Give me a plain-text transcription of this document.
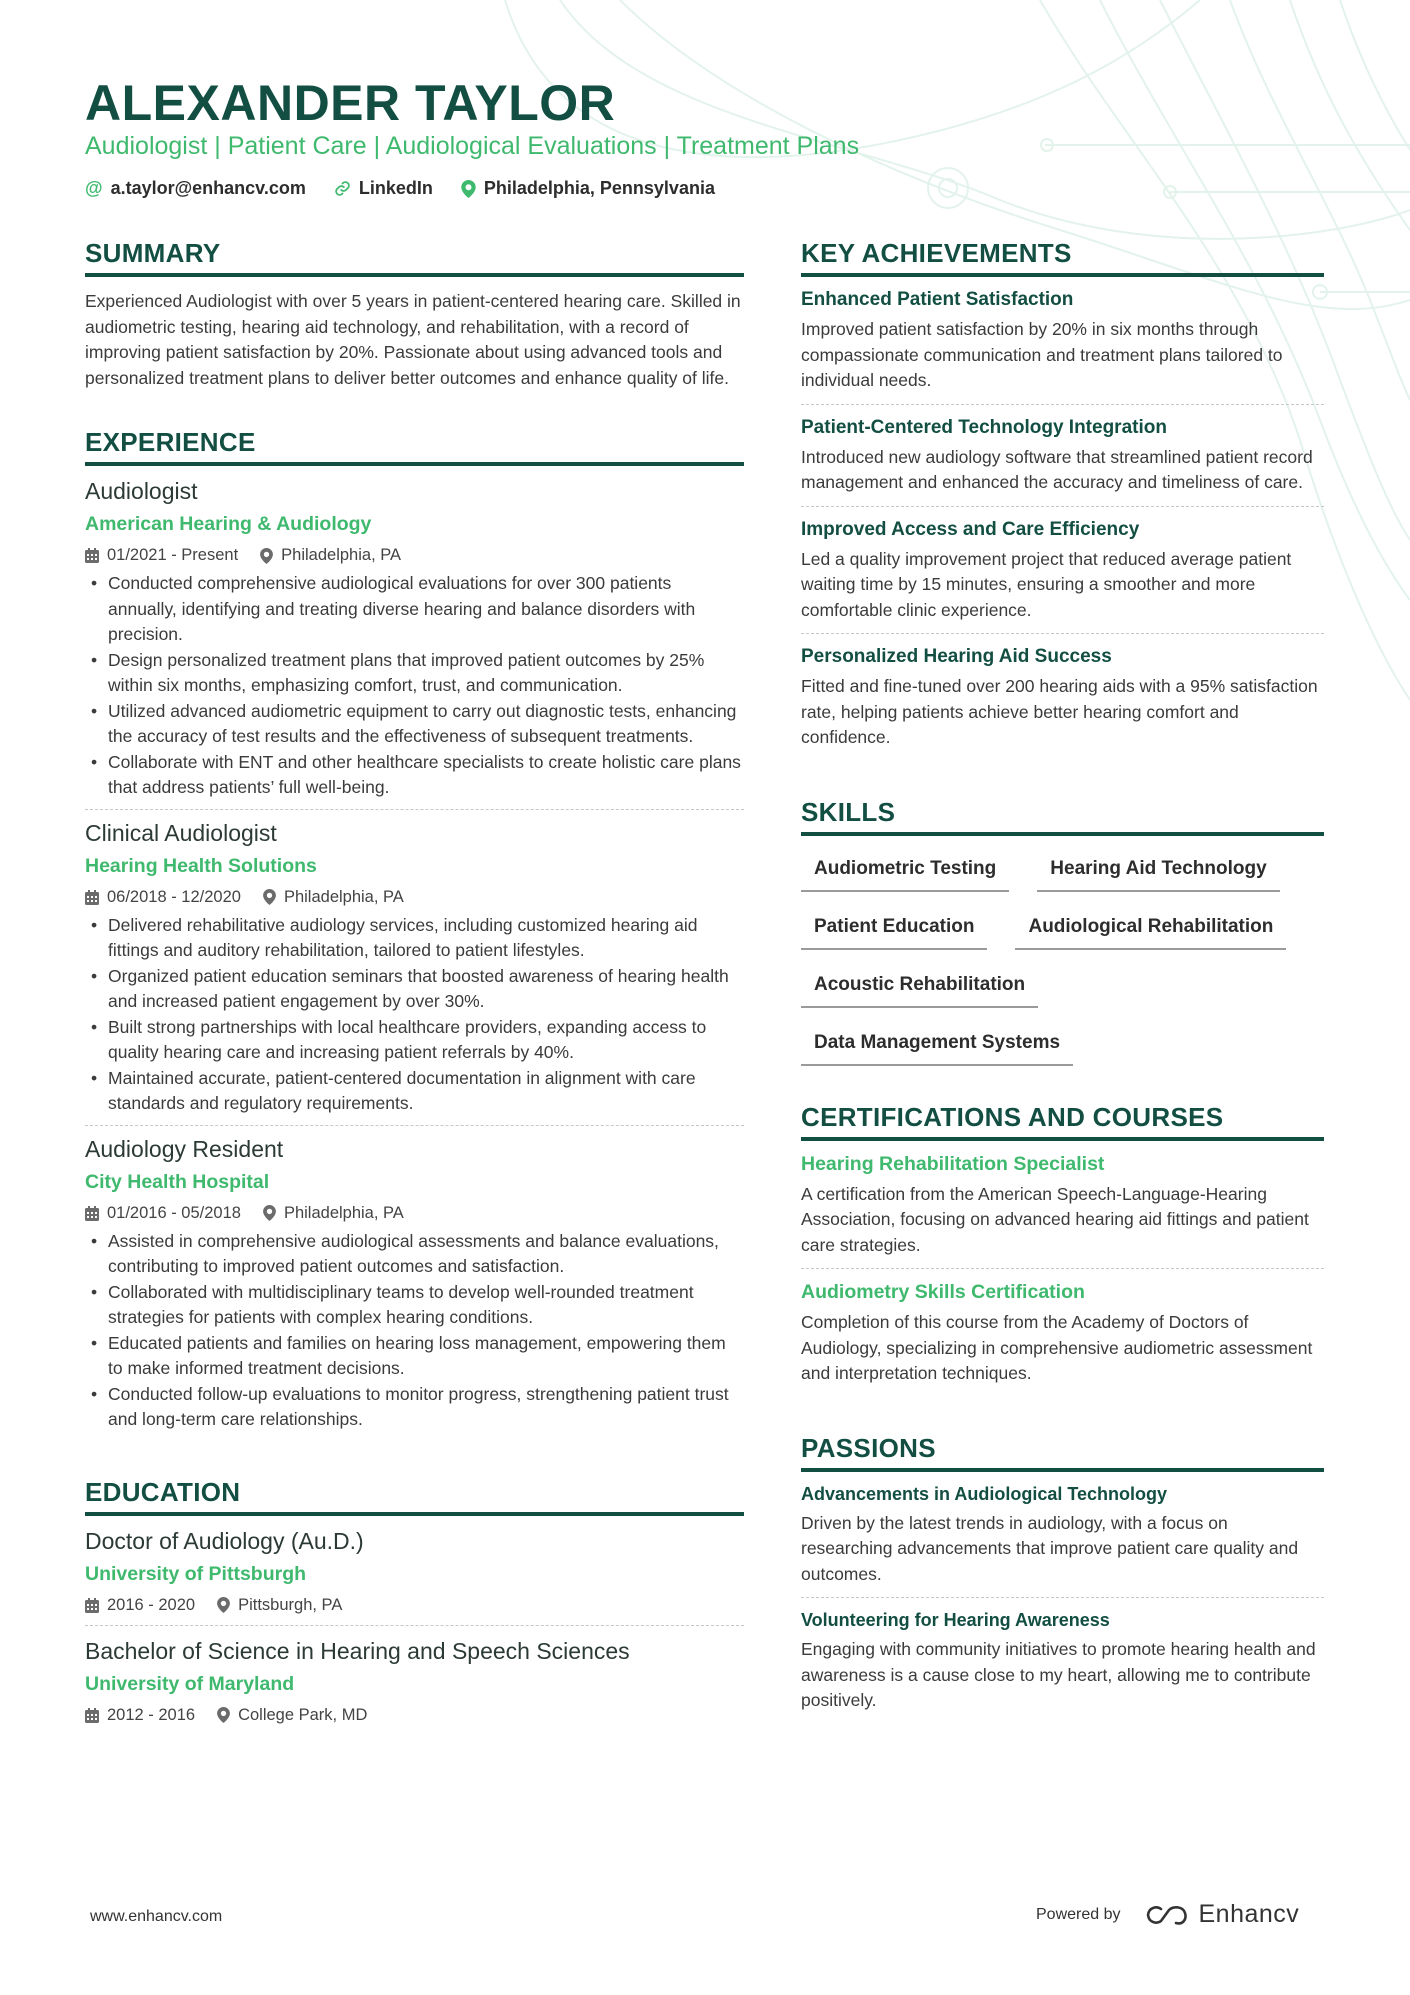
ALEXANDER TAYLOR
Audiologist | Patient Care | Audiological Evaluations | Treatment Plans
@ a.taylor@enhancv.com	LinkedIn	Philadelphia, Pennsylvania
SUMMARY

Experienced Audiologist with over 5 years in patient-centered hearing care. Skilled in audiometric testing, hearing aid technology, and rehabilitation, with a record of improving patient satisfaction by 20%. Passionate about using advanced tools and personalized treatment plans to deliver better outcomes and enhance quality of life.

EXPERIENCE
Audiologist
American Hearing & Audiology
01/2021 - Present	Philadelphia, PA
• Conducted comprehensive audiological evaluations for over 300 patients annually, identifying and treating diverse hearing and balance disorders with precision.
• Design personalized treatment plans that improved patient outcomes by 25% within six months, emphasizing comfort, trust, and communication.
• Utilized advanced audiometric equipment to carry out diagnostic tests, enhancing the accuracy of test results and the effectiveness of subsequent treatments.
• Collaborate with ENT and other healthcare specialists to create holistic care plans that address patients’ full well-being.
Clinical Audiologist
Hearing Health Solutions
06/2018 - 12/2020	Philadelphia, PA
• Delivered rehabilitative audiology services, including customized hearing aid fittings and auditory rehabilitation, tailored to patient lifestyles.
• Organized patient education seminars that boosted awareness of hearing health and increased patient engagement by over 30%.
• Built strong partnerships with local healthcare providers, expanding access to quality hearing care and increasing patient referrals by 40%.
• Maintained accurate, patient-centered documentation in alignment with care standards and regulatory requirements.
Audiology Resident
City Health Hospital
01/2016 - 05/2018	Philadelphia, PA
• Assisted in comprehensive audiological assessments and balance evaluations, contributing to improved patient outcomes and satisfaction.
• Collaborated with multidisciplinary teams to develop well-rounded treatment strategies for patients with complex hearing conditions.
• Educated patients and families on hearing loss management, empowering them to make informed treatment decisions.
• Conducted follow-up evaluations to monitor progress, strengthening patient trust and long-term care relationships.
EDUCATION
Doctor of Audiology (Au.D.)
University of Pittsburgh
2016 - 2020	Pittsburgh, PA
Bachelor of Science in Hearing and Speech Sciences
University of Maryland
2012 - 2016	College Park, MD
KEY ACHIEVEMENTS
Enhanced Patient Satisfaction
Improved patient satisfaction by 20% in six months through compassionate communication and treatment plans tailored to individual needs.
Patient-Centered Technology Integration
Introduced new audiology software that streamlined patient record management and enhanced the accuracy and timeliness of care.
Improved Access and Care Efficiency
Led a quality improvement project that reduced average patient waiting time by 15 minutes, ensuring a smoother and more comfortable clinic experience.
Personalized Hearing Aid Success
Fitted and fine-tuned over 200 hearing aids with a 95% satisfaction rate, helping patients achieve better hearing comfort and confidence.
SKILLS
Audiometric Testing	Hearing Aid Technology
Patient Education	Audiological Rehabilitation
Acoustic Rehabilitation
Data Management Systems
CERTIFICATIONS AND COURSES
Hearing Rehabilitation Specialist
A certification from the American Speech-Language-Hearing Association, focusing on advanced hearing aid fittings and patient care strategies.
Audiometry Skills Certification
Completion of this course from the Academy of Doctors of Audiology, specializing in comprehensive audiometric assessment and interpretation techniques.
PASSIONS
Advancements in Audiological Technology
Driven by the latest trends in audiology, with a focus on researching advancements that improve patient care quality and outcomes.
Volunteering for Hearing Awareness
Engaging with community initiatives to promote hearing health and awareness is a cause close to my heart, allowing me to contribute positively.
www.enhancv.com	Powered by	Enhancv
